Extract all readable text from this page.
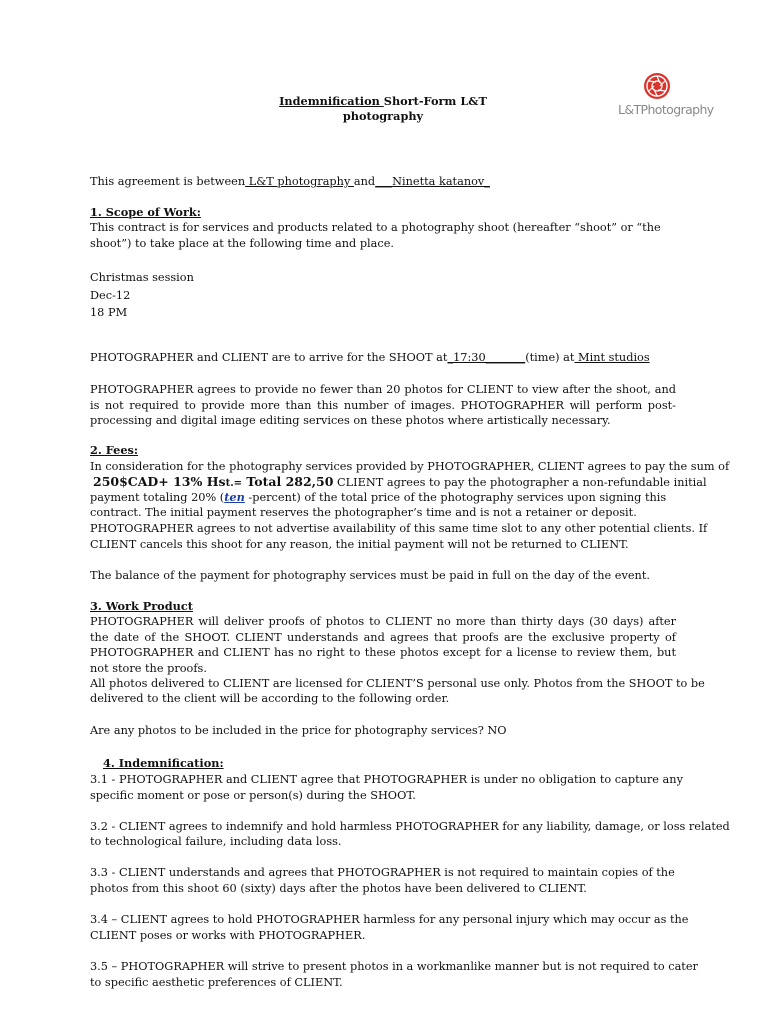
Indemnification Short-Form L&T
photography	L&TPhotography
This agreement is between L&T photography and___Ninetta katanov_
1. Scope of Work:
This contract is for services and products related to a photography shoot (hereafter “shoot” or “the shoot”) to take place at the following time and place.
Christmas session
Dec-12
18 PM
PHOTOGRAPHER and CLIENT are to arrive for the SHOOT at_17:30_______(time) at Mint studios
PHOTOGRAPHER agrees to provide no fewer than 20 photos for CLIENT to view after the shoot, and is not required to provide more than this number of images. PHOTOGRAPHER will perform post-processing and digital image editing services on these photos where artistically necessary.
2. Fees:
In consideration for the photography services provided by PHOTOGRAPHER, CLIENT agrees to pay the sum of
250$CAD+ 13% Hst.= Total 282,50 CLIENT agrees to pay the photographer a non-refundable initial
payment totaling 20% (ten -percent) of the total price of the photography services upon signing this
contract. The initial payment reserves the photographer’s time and is not a retainer or deposit.
PHOTOGRAPHER agrees to not advertise availability of this same time slot to any other potential clients. If
CLIENT cancels this shoot for any reason, the initial payment will not be returned to CLIENT.
The balance of the payment for photography services must be paid in full on the day of the event.
3. Work Product
PHOTOGRAPHER will deliver proofs of photos to CLIENT no more than thirty days (30 days) after the date of the SHOOT. CLIENT understands and agrees that proofs are the exclusive property of PHOTOGRAPHER and CLIENT has no right to these photos except for a license to review them, but not store the proofs.
All photos delivered to CLIENT are licensed for CLIENT’S personal use only. Photos from the SHOOT to be
delivered to the client will be according to the following order.
Are any photos to be included in the price for photography services? NO
4. Indemnification:
3.1 - PHOTOGRAPHER and CLIENT agree that PHOTOGRAPHER is under no obligation to capture any
specific moment or pose or person(s) during the SHOOT.
3.2 - CLIENT agrees to indemnify and hold harmless PHOTOGRAPHER for any liability, damage, or loss related
to technological failure, including data loss.
3.3 - CLIENT understands and agrees that PHOTOGRAPHER is not required to maintain copies of the
photos from this shoot 60 (sixty) days after the photos have been delivered to CLIENT.
3.4 – CLIENT agrees to hold PHOTOGRAPHER harmless for any personal injury which may occur as the
CLIENT poses or works with PHOTOGRAPHER.
3.5 – PHOTOGRAPHER will strive to present photos in a workmanlike manner but is not required to cater
to specific aesthetic preferences of CLIENT.
